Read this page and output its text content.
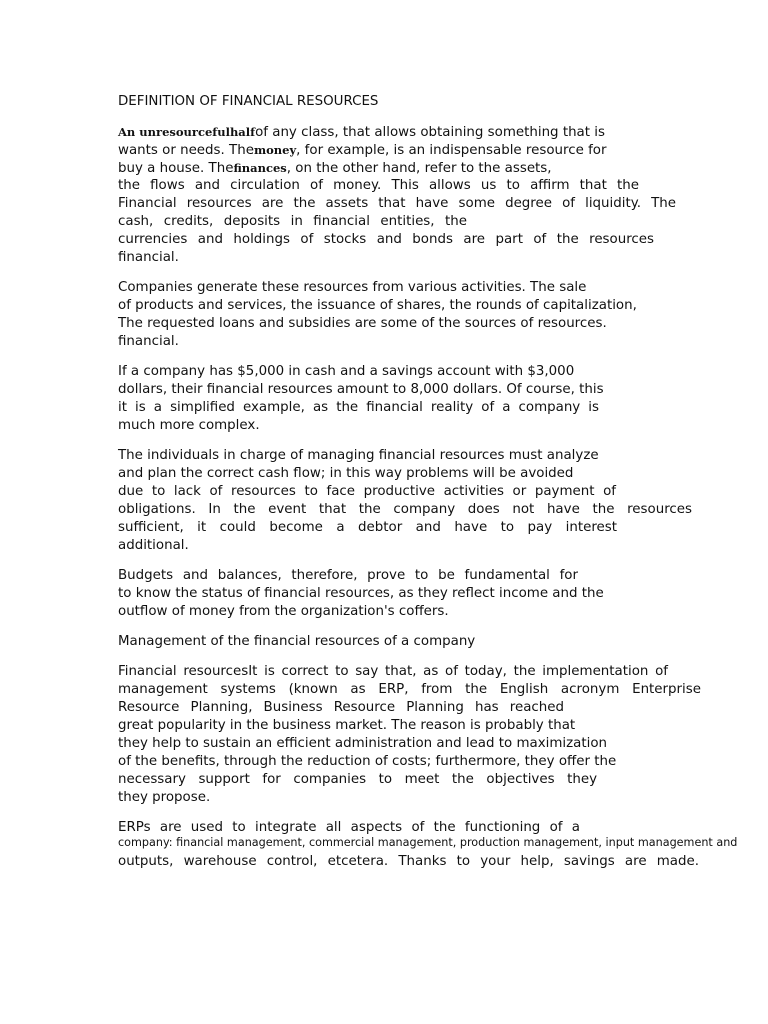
DEFINITION OF FINANCIAL RESOURCES
An unresourcefulhalfof any class, that allows obtaining something that is
wants or needs. Themoney, for example, is an indispensable resource for
buy a house. Thefinances, on the other hand, refer to the assets,
the flows and circulation of money. This allows us to affirm that the
Financial resources are the assets that have some degree of liquidity. The
cash, credits, deposits in financial entities, the
currencies and holdings of stocks and bonds are part of the resources
financial.
Companies generate these resources from various activities. The sale
of products and services, the issuance of shares, the rounds of capitalization,
The requested loans and subsidies are some of the sources of resources.
financial.
If a company has $5,000 in cash and a savings account with $3,000
dollars, their financial resources amount to 8,000 dollars. Of course, this
it is a simplified example, as the financial reality of a company is
much more complex.
The individuals in charge of managing financial resources must analyze
and plan the correct cash flow; in this way problems will be avoided
due to lack of resources to face productive activities or payment of
obligations. In the event that the company does not have the resources
sufficient, it could become a debtor and have to pay interest
additional.
Budgets and balances, therefore, prove to be fundamental for
to know the status of financial resources, as they reflect income and the
outflow of money from the organization's coffers.
Management of the financial resources of a company
Financial resourcesIt is correct to say that, as of today, the implementation of
management systems (known as ERP, from the English acronym Enterprise
Resource Planning, Business Resource Planning has reached
great popularity in the business market. The reason is probably that
they help to sustain an efficient administration and lead to maximization
of the benefits, through the reduction of costs; furthermore, they offer the
necessary support for companies to meet the objectives they
they propose.
ERPs are used to integrate all aspects of the functioning of a
company: financial management, commercial management, production management, input management and
outputs, warehouse control, etcetera. Thanks to your help, savings are made.
